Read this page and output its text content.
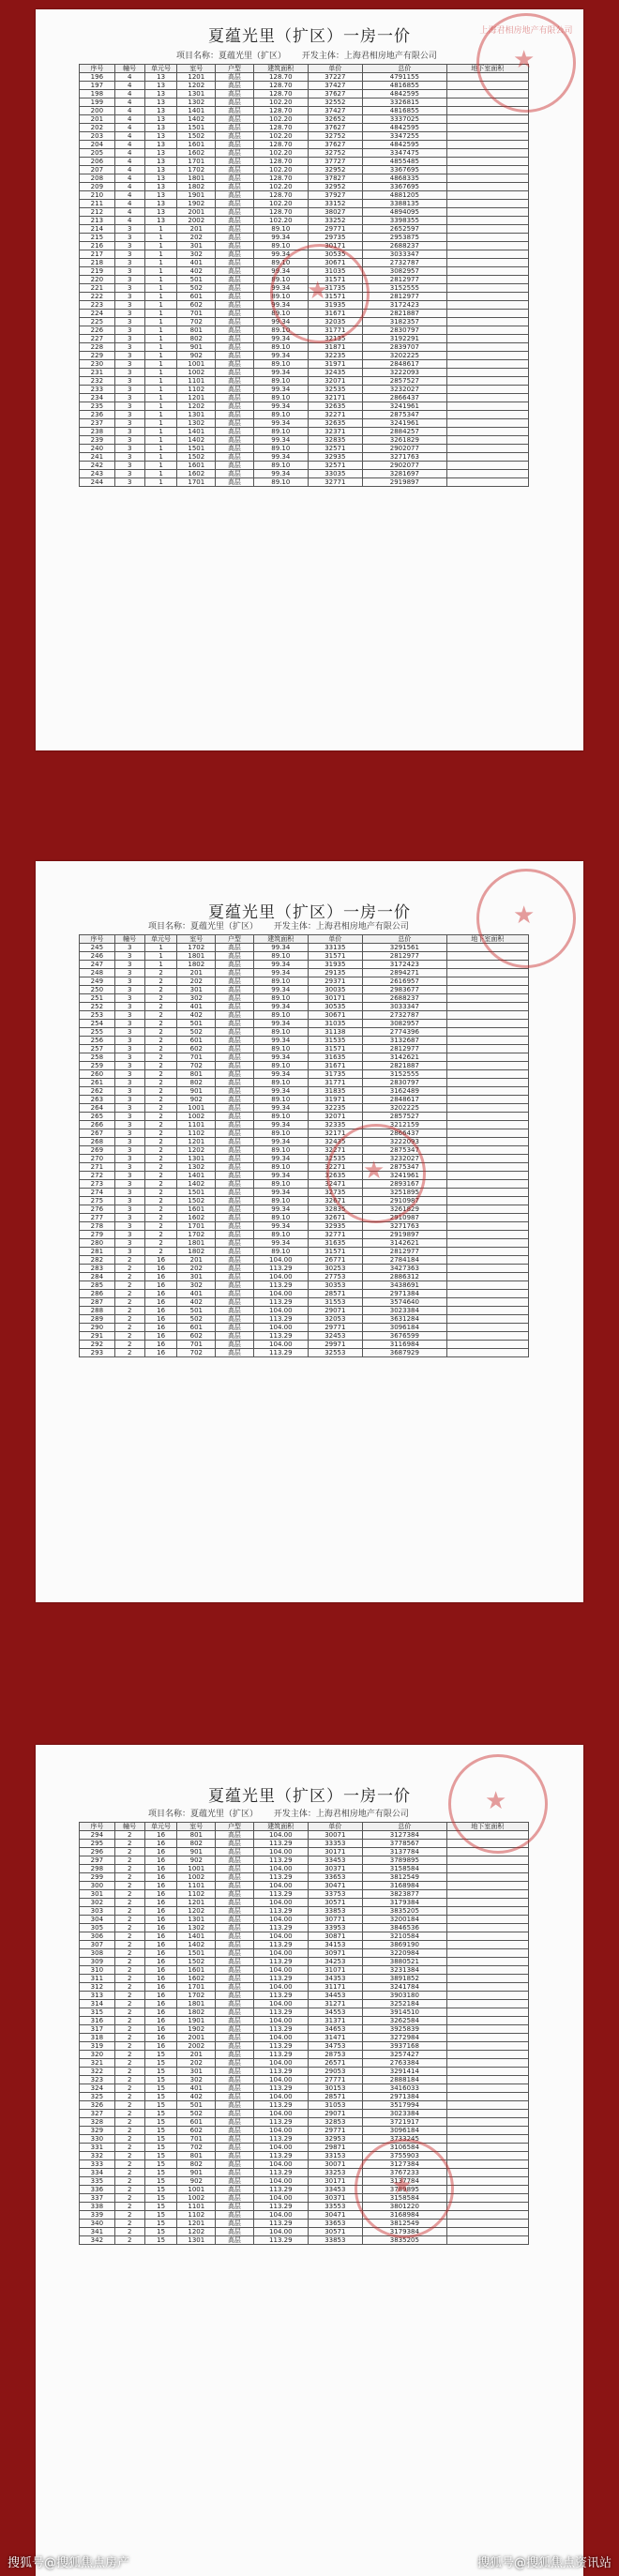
夏蕴光里（扩区）一房一价
项目名称：夏蕴光里（扩区） 开发主体：上海君相房地产有限公司
序号	幢号	单元号	室号	户型	建筑面积	单价	总价	地下室面积
196	4	13	1201	高层	128.70	37227	4791155	
197	4	13	1202	高层	128.70	37427	4816855	
198	4	13	1301	高层	128.70	37627	4842595	
199	4	13	1302	高层	102.20	32552	3326815	
200	4	13	1401	高层	128.70	37427	4816855	
201	4	13	1402	高层	102.20	32652	3337025	
202	4	13	1501	高层	128.70	37627	4842595	
203	4	13	1502	高层	102.20	32752	3347255	
204	4	13	1601	高层	128.70	37627	4842595	
205	4	13	1602	高层	102.20	32752	3347475	
206	4	13	1701	高层	128.70	37727	4855485	
207	4	13	1702	高层	102.20	32952	3367695	
208	4	13	1801	高层	128.70	37827	4868335	
209	4	13	1802	高层	102.20	32952	3367695	
210	4	13	1901	高层	128.70	37927	4881205	
211	4	13	1902	高层	102.20	33152	3388135	
212	4	13	2001	高层	128.70	38027	4894095	
213	4	13	2002	高层	102.20	33252	3398355	
214	3	1	201	高层	89.10	29771	2652597	
215	3	1	202	高层	99.34	29735	2953875	
216	3	1	301	高层	89.10	30171	2688237	
217	3	1	302	高层	99.34	30535	3033347	
218	3	1	401	高层	89.10	30671	2732787	
219	3	1	402	高层	99.34	31035	3082957	
220	3	1	501	高层	89.10	31571	2812977	
221	3	1	502	高层	99.34	31735	3152555	
222	3	1	601	高层	89.10	31571	2812977	
223	3	1	602	高层	99.34	31935	3172423	
224	3	1	701	高层	89.10	31671	2821887	
225	3	1	702	高层	99.34	32035	3182357	
226	3	1	801	高层	89.10	31771	2830797	
227	3	1	802	高层	99.34	32135	3192291	
228	3	1	901	高层	89.10	31871	2839707	
229	3	1	902	高层	99.34	32235	3202225	
230	3	1	1001	高层	89.10	31971	2848617	
231	3	1	1002	高层	99.34	32435	3222093	
232	3	1	1101	高层	89.10	32071	2857527	
233	3	1	1102	高层	99.34	32535	3232027	
234	3	1	1201	高层	89.10	32171	2866437	
235	3	1	1202	高层	99.34	32635	3241961	
236	3	1	1301	高层	89.10	32271	2875347	
237	3	1	1302	高层	99.34	32635	3241961	
238	3	1	1401	高层	89.10	32371	2884257	
239	3	1	1402	高层	99.34	32835	3261829	
240	3	1	1501	高层	89.10	32571	2902077	
241	3	1	1502	高层	99.34	32935	3271763	
242	3	1	1601	高层	89.10	32571	2902077	
243	3	1	1602	高层	99.34	33035	3281697	
244	3	1	1701	高层	89.10	32771	2919897	
上海君相房地产有限公司
★
★
夏蕴光里（扩区）一房一价
项目名称：夏蕴光里（扩区） 开发主体：上海君相房地产有限公司
序号	幢号	单元号	室号	户型	建筑面积	单价	总价	地下室面积
245	3	1	1702	高层	99.34	33135	3291561	
246	3	1	1801	高层	89.10	31571	2812977	
247	3	1	1802	高层	99.34	31935	3172423	
248	3	2	201	高层	99.34	29135	2894271	
249	3	2	202	高层	89.10	29371	2616957	
250	3	2	301	高层	99.34	30035	2983677	
251	3	2	302	高层	89.10	30171	2688237	
252	3	2	401	高层	99.34	30535	3033347	
253	3	2	402	高层	89.10	30671	2732787	
254	3	2	501	高层	99.34	31035	3082957	
255	3	2	502	高层	89.10	31138	2774396	
256	3	2	601	高层	99.34	31535	3132687	
257	3	2	602	高层	89.10	31571	2812977	
258	3	2	701	高层	99.34	31635	3142621	
259	3	2	702	高层	89.10	31671	2821887	
260	3	2	801	高层	99.34	31735	3152555	
261	3	2	802	高层	89.10	31771	2830797	
262	3	2	901	高层	99.34	31835	3162489	
263	3	2	902	高层	89.10	31971	2848617	
264	3	2	1001	高层	99.34	32235	3202225	
265	3	2	1002	高层	89.10	32071	2857527	
266	3	2	1101	高层	99.34	32335	3212159	
267	3	2	1102	高层	89.10	32171	2866437	
268	3	2	1201	高层	99.34	32435	3222093	
269	3	2	1202	高层	89.10	32271	2875347	
270	3	2	1301	高层	99.34	32535	3232027	
271	3	2	1302	高层	89.10	32271	2875347	
272	3	2	1401	高层	99.34	32635	3241961	
273	3	2	1402	高层	89.10	32471	2893167	
274	3	2	1501	高层	99.34	32735	3251895	
275	3	2	1502	高层	89.10	32671	2910987	
276	3	2	1601	高层	99.34	32835	3261829	
277	3	2	1602	高层	89.10	32671	2910987	
278	3	2	1701	高层	99.34	32935	3271763	
279	3	2	1702	高层	89.10	32771	2919897	
280	3	2	1801	高层	99.34	31635	3142621	
281	3	2	1802	高层	89.10	31571	2812977	
282	2	16	201	高层	104.00	26771	2784184	
283	2	16	202	高层	113.29	30253	3427363	
284	2	16	301	高层	104.00	27753	2886312	
285	2	16	302	高层	113.29	30353	3438691	
286	2	16	401	高层	104.00	28571	2971384	
287	2	16	402	高层	113.29	31553	3574640	
288	2	16	501	高层	104.00	29071	3023384	
289	2	16	502	高层	113.29	32053	3631284	
290	2	16	601	高层	104.00	29771	3096184	
291	2	16	602	高层	113.29	32453	3676599	
292	2	16	701	高层	104.00	29971	3116984	
293	2	16	702	高层	113.29	32553	3687929	
★
★
夏蕴光里（扩区）一房一价
项目名称：夏蕴光里（扩区） 开发主体：上海君相房地产有限公司
序号	幢号	单元号	室号	户型	建筑面积	单价	总价	地下室面积
294	2	16	801	高层	104.00	30071	3127384	
295	2	16	802	高层	113.29	33353	3778567	
296	2	16	901	高层	104.00	30171	3137784	
297	2	16	902	高层	113.29	33453	3789895	
298	2	16	1001	高层	104.00	30371	3158584	
299	2	16	1002	高层	113.29	33653	3812549	
300	2	16	1101	高层	104.00	30471	3168984	
301	2	16	1102	高层	113.29	33753	3823877	
302	2	16	1201	高层	104.00	30571	3179384	
303	2	16	1202	高层	113.29	33853	3835205	
304	2	16	1301	高层	104.00	30771	3200184	
305	2	16	1302	高层	113.29	33953	3846536	
306	2	16	1401	高层	104.00	30871	3210584	
307	2	16	1402	高层	113.29	34153	3869190	
308	2	16	1501	高层	104.00	30971	3220984	
309	2	16	1502	高层	113.29	34253	3880521	
310	2	16	1601	高层	104.00	31071	3231384	
311	2	16	1602	高层	113.29	34353	3891852	
312	2	16	1701	高层	104.00	31171	3241784	
313	2	16	1702	高层	113.29	34453	3903180	
314	2	16	1801	高层	104.00	31271	3252184	
315	2	16	1802	高层	113.29	34553	3914510	
316	2	16	1901	高层	104.00	31371	3262584	
317	2	16	1902	高层	113.29	34653	3925839	
318	2	16	2001	高层	104.00	31471	3272984	
319	2	16	2002	高层	113.29	34753	3937168	
320	2	15	201	高层	113.29	28753	3257427	
321	2	15	202	高层	104.00	26571	2763384	
322	2	15	301	高层	113.29	29053	3291414	
323	2	15	302	高层	104.00	27771	2888184	
324	2	15	401	高层	113.29	30153	3416033	
325	2	15	402	高层	104.00	28571	2971384	
326	2	15	501	高层	113.29	31053	3517994	
327	2	15	502	高层	104.00	29071	3023384	
328	2	15	601	高层	113.29	32853	3721917	
329	2	15	602	高层	104.00	29771	3096184	
330	2	15	701	高层	113.29	32953	3733245	
331	2	15	702	高层	104.00	29871	3106584	
332	2	15	801	高层	113.29	33153	3755903	
333	2	15	802	高层	104.00	30071	3127384	
334	2	15	901	高层	113.29	33253	3767233	
335	2	15	902	高层	104.00	30171	3137784	
336	2	15	1001	高层	113.29	33453	3789895	
337	2	15	1002	高层	104.00	30371	3158584	
338	2	15	1101	高层	113.29	33553	3801220	
339	2	15	1102	高层	104.00	30471	3168984	
340	2	15	1201	高层	113.29	33653	3812549	
341	2	15	1202	高层	104.00	30571	3179384	
342	2	15	1301	高层	113.29	33853	3835205	
★
★
搜狐号@搜狐焦点房产	搜狐号@搜狐焦点资讯站
